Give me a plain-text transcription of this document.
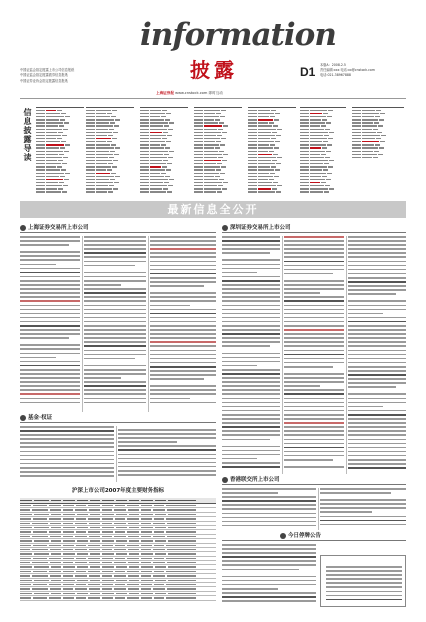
information
披露	D1 本版A：2008.2.5
责任编辑:xxx 电话:xx@cnstock.com
电话:021-38967888
中国证监会指定披露上市公司信息报纸
中国证监会指定披露债券信息报纸
中国证券业协会指定披露信息报纸
上海证券报 www.cnstock.com 即时互动
信息披露导读
最新信息全公开
上海证券交易所上市公司	深圳证券交易所上市公司
基金·权证
香港联交所上市公司
今日停牌公告
沪深上市公司2007年度主要财务指标
